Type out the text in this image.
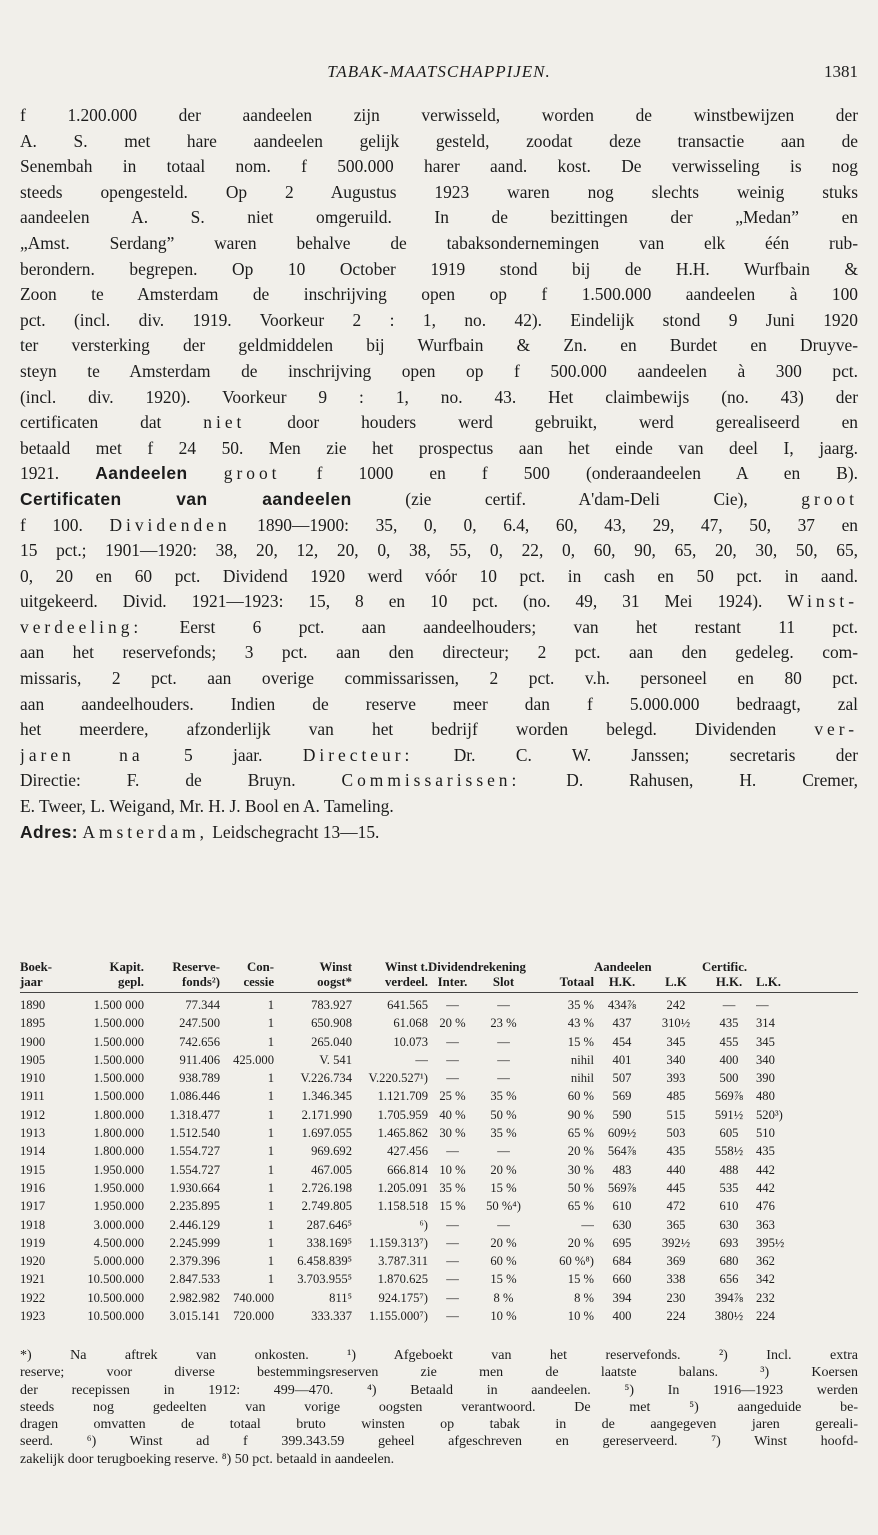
TABAK-MAATSCHAPPIJEN.	1381
f 1.200.000 der aandeelen zijn verwisseld, worden de winstbewijzen der
A. S. met hare aandeelen gelijk gesteld, zoodat deze transactie aan de
Senembah in totaal nom. f 500.000 harer aand. kost. De verwisseling is nog
steeds opengesteld. Op 2 Augustus 1923 waren nog slechts weinig stuks
aandeelen A. S. niet omgeruild. In de bezittingen der „Medan” en
„Amst. Serdang” waren behalve de tabaksondernemingen van elk één rub-
berondern. begrepen. Op 10 October 1919 stond bij de H.H. Wurfbain &
Zoon te Amsterdam de inschrijving open op f 1.500.000 aandeelen à 100
pct. (incl. div. 1919. Voorkeur 2 : 1, no. 42). Eindelijk stond 9 Juni 1920
ter versterking der geldmiddelen bij Wurfbain & Zn. en Burdet en Druyve-
steyn te Amsterdam de inschrijving open op f 500.000 aandeelen à 300 pct.
(incl. div. 1920). Voorkeur 9 : 1, no. 43. Het claimbewijs (no. 43) der
certificaten dat niet door houders werd gebruikt, werd gerealiseerd en
betaald met f 24 50. Men zie het prospectus aan het einde van deel I, jaarg.
1921. Aandeelen groot f 1000 en f 500 (onderaandeelen A en B).
Certificaten van aandeelen (zie certif. A'dam-Deli Cie), groot
f 100. Dividenden 1890—1900: 35, 0, 0, 6.4, 60, 43, 29, 47, 50, 37 en
15 pct.; 1901—1920: 38, 20, 12, 20, 0, 38, 55, 0, 22, 0, 60, 90, 65, 20, 30, 50, 65,
0, 20 en 60 pct. Dividend 1920 werd vóór 10 pct. in cash en 50 pct. in aand.
uitgekeerd. Divid. 1921—1923: 15, 8 en 10 pct. (no. 49, 31 Mei 1924). Winst-
verdeeling: Eerst 6 pct. aan aandeelhouders; van het restant 11 pct.
aan het reservefonds; 3 pct. aan den directeur; 2 pct. aan den gedeleg. com-
missaris, 2 pct. aan overige commissarissen, 2 pct. v.h. personeel en 80 pct.
aan aandeelhouders. Indien de reserve meer dan f 5.000.000 bedraagt, zal
het meerdere, afzonderlijk van het bedrijf worden belegd. Dividenden ver-
jaren na 5 jaar. Directeur: Dr. C. W. Janssen; secretaris der
Directie: F. de Bruyn. Commissarissen: D. Rahusen, H. Cremer,
E. Tweer, L. Weigand, Mr. H. J. Bool en A. Tameling.
Adres: Amsterdam, Leidschegracht 13—15.
Boek-	Kapit.	Reserve-	Con-	Winst	Winst t.	Dividendrekening			Aandeelen		Certific.	
jaar	gepl.	fonds²)	cessie	oogst*	verdeel.	Inter.	Slot	Totaal	H.K.	L.K	H.K.	L.K.
1890	1.500 000	77.344	1	783.927	641.565	—	—	35 %	434⅞	242	—	—
1895	1.500.000	247.500	1	650.908	61.068	20 %	23 %	43 %	437	310½	435	314
1900	1.500.000	742.656	1	265.040	10.073	—	—	15 %	454	345	455	345
1905	1.500.000	911.406	425.000	V. 541	—	—	—	nihil	401	340	400	340
1910	1.500.000	938.789	1	V.226.734	V.220.527¹)	—	—	nihil	507	393	500	390
1911	1.500.000	1.086.446	1	1.346.345	1.121.709	25 %	35 %	60 %	569	485	569⅞	480
1912	1.800.000	1.318.477	1	2.171.990	1.705.959	40 %	50 %	90 %	590	515	591½	520³)
1913	1.800.000	1.512.540	1	1.697.055	1.465.862	30 %	35 %	65 %	609½	503	605	510
1914	1.800.000	1.554.727	1	969.692	427.456	—	—	20 %	564⅞	435	558½	435
1915	1.950.000	1.554.727	1	467.005	666.814	10 %	20 %	30 %	483	440	488	442
1916	1.950.000	1.930.664	1	2.726.198	1.205.091	35 %	15 %	50 %	569⅞	445	535	442
1917	1.950.000	2.235.895	1	2.749.805	1.158.518	15 %	50 %⁴)	65 %	610	472	610	476
1918	3.000.000	2.446.129	1	287.646⁵	⁶)	—	—	—	630	365	630	363
1919	4.500.000	2.245.999	1	338.169⁵	1.159.313⁷)	—	20 %	20 %	695	392½	693	395½
1920	5.000.000	2.379.396	1	6.458.839⁵	3.787.311	—	60 %	60 %⁸)	684	369	680	362
1921	10.500.000	2.847.533	1	3.703.955⁵	1.870.625	—	15 %	15 %	660	338	656	342
1922	10.500.000	2.982.982	740.000	811⁵	924.175⁷)	—	8 %	8 %	394	230	394⅞	232
1923	10.500.000	3.015.141	720.000	333.337	1.155.000⁷)	—	10 %	10 %	400	224	380½	224
*) Na aftrek van onkosten. ¹) Afgeboekt van het reservefonds. ²) Incl. extra
reserve; voor diverse bestemmingsreserven zie men de laatste balans. ³) Koersen
der recepissen in 1912: 499—470. ⁴) Betaald in aandeelen. ⁵) In 1916—1923 werden
steeds nog gedeelten van vorige oogsten verantwoord. De met ⁵) aangeduide be-
dragen omvatten de totaal bruto winsten op tabak in de aangegeven jaren gereali-
seerd. ⁶) Winst ad f 399.343.59 geheel afgeschreven en gereserveerd. ⁷) Winst hoofd-
zakelijk door terugboeking reserve. ⁸) 50 pct. betaald in aandeelen.
